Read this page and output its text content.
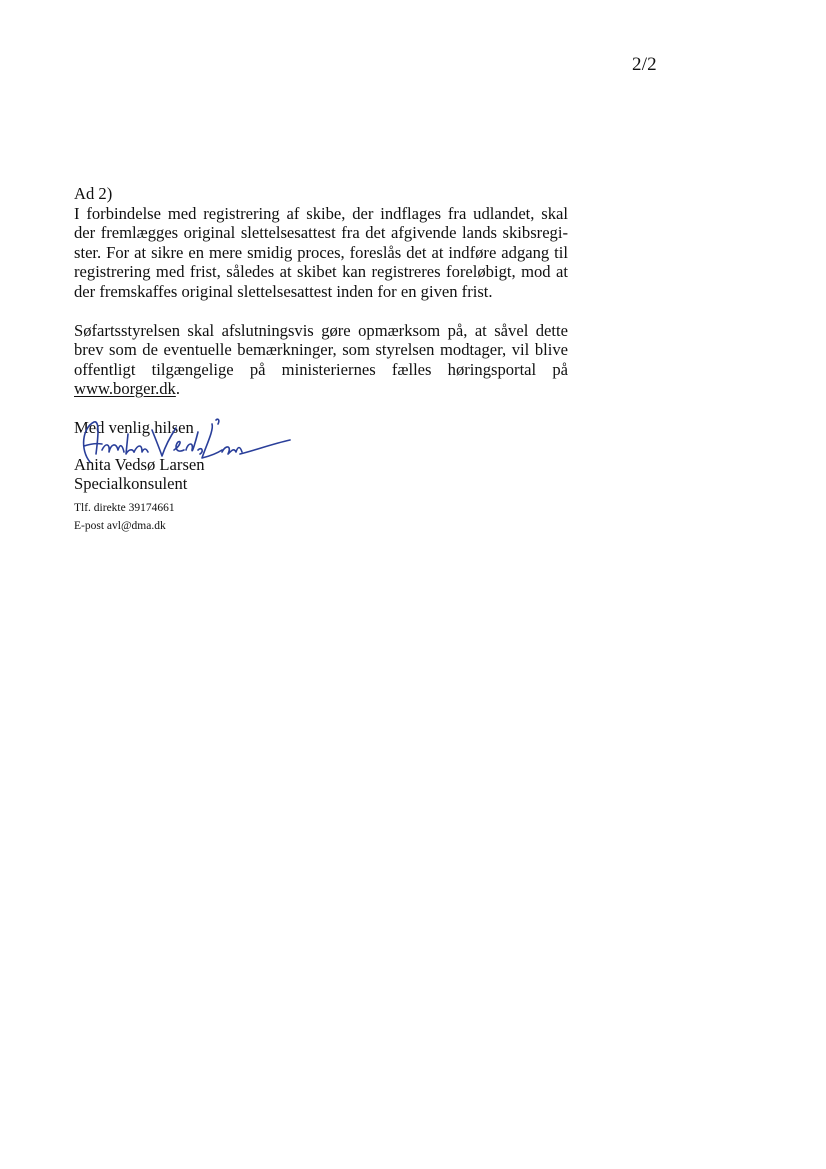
2/2

Ad 2)

I forbindelse med registrering af skibe, der indflages fra udlandet, skal
der fremlægges original slettelsesattest fra det afgivende lands skibsregi-
ster. For at sikre en mere smidig proces, foreslås det at indføre adgang til
registrering med frist, således at skibet kan registreres foreløbigt, mod at
der fremskaffes original slettelsesattest inden for en given frist.

Søfartsstyrelsen skal afslutningsvis gøre opmærksom på, at såvel dette
brev som de eventuelle bemærkninger, som styrelsen modtager, vil blive
offentligt tilgængelige på ministeriernes fælles høringsportal på
www.borger.dk.

Med venlig hilsen
Anita Vedsø Larsen
Specialkonsulent
Tlf. direkte 39174661
E-post avl@dma.dk
